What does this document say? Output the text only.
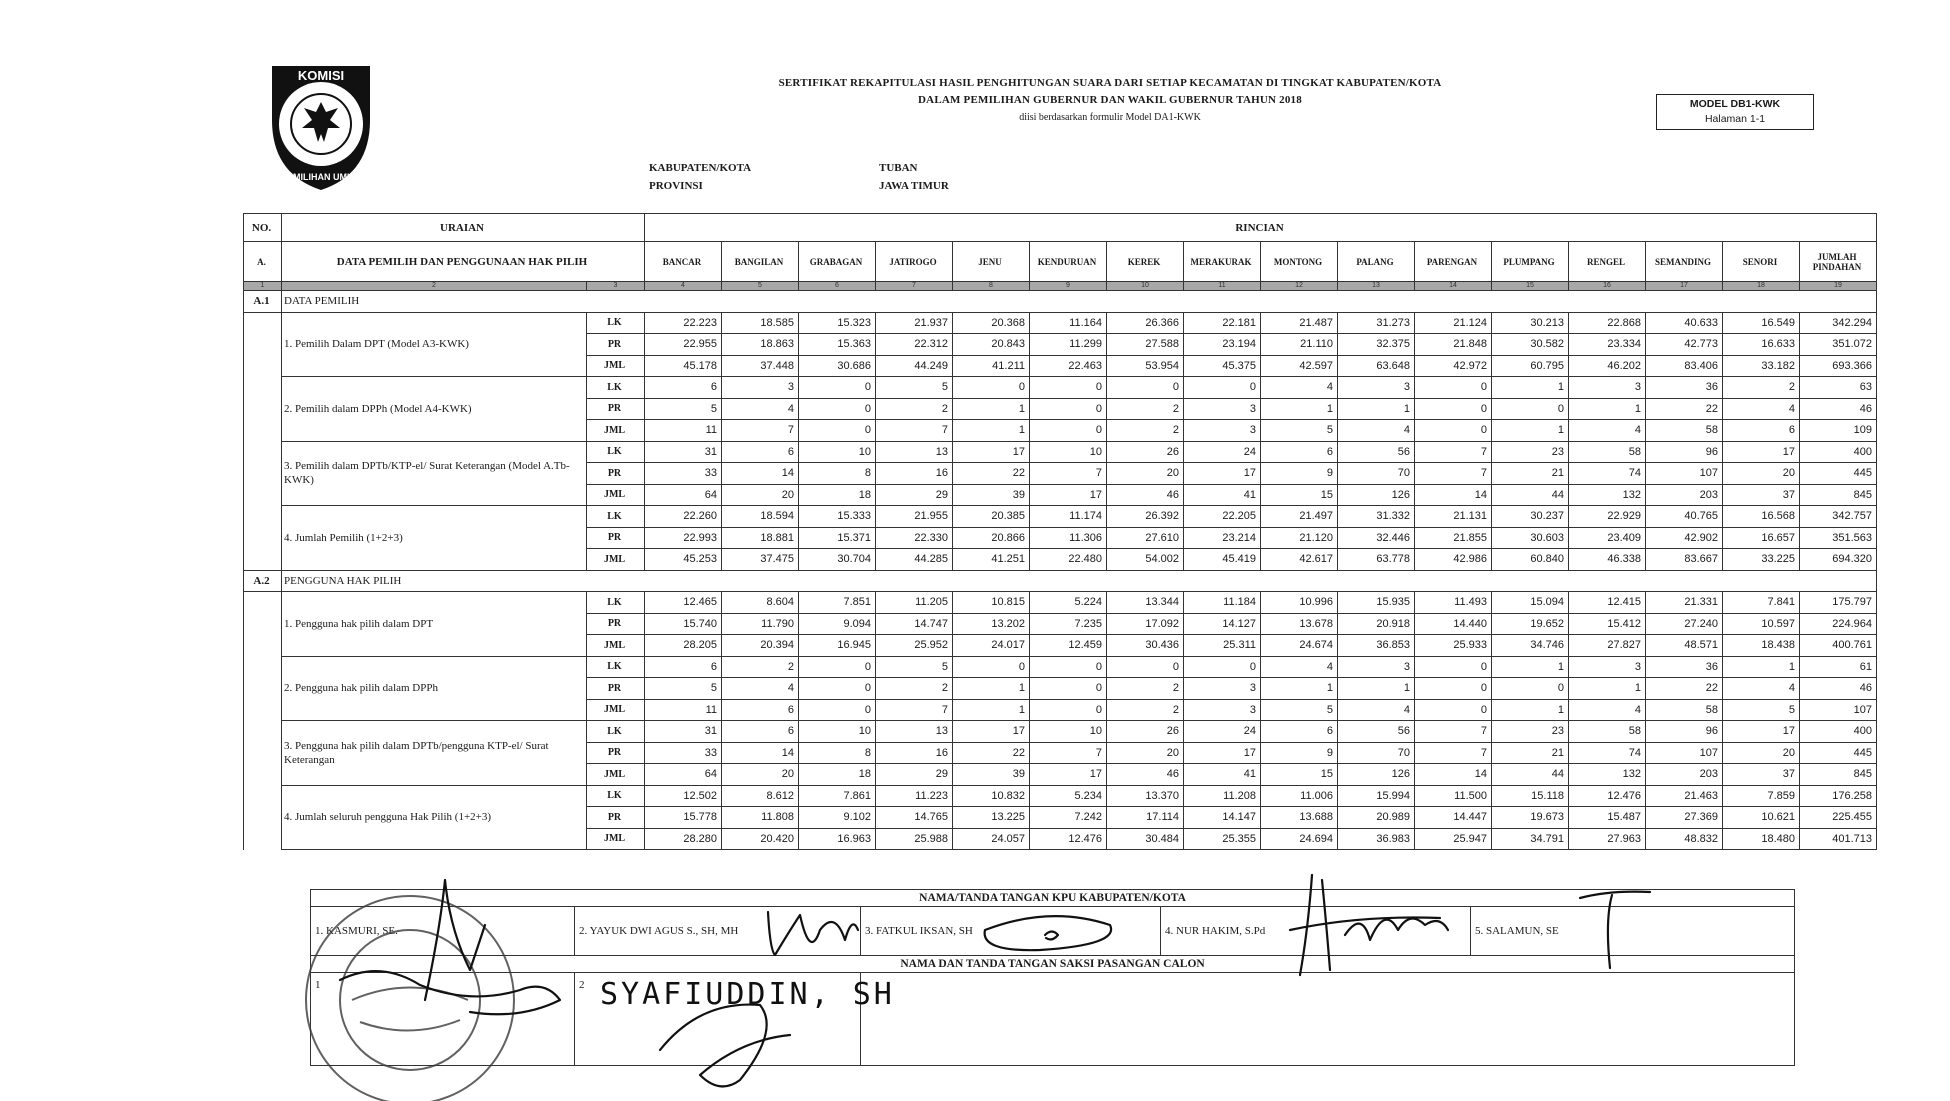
KOMISI
PEMILIHAN UMUM
SERTIFIKAT REKAPITULASI HASIL PENGHITUNGAN SUARA DARI SETIAP KECAMATAN DI TINGKAT KABUPATEN/KOTA
DALAM PEMILIHAN GUBERNUR DAN WAKIL GUBERNUR TAHUN 2018
diisi berdasarkan formulir Model DA1-KWK
MODEL DB1-KWK
Halaman 1-1
KABUPATEN/KOTA	TUBAN
PROVINSI	JAWA TIMUR
NO.	URAIAN		RINCIAN															
A.	DATA PEMILIH DAN PENGGUNAAN HAK PILIH		BANCAR	BANGILAN	GRABAGAN	JATIROGO	JENU	KENDURUAN	KEREK	MERAKURAK	MONTONG	PALANG	PARENGAN	PLUMPANG	RENGEL	SEMANDING	SENORI	JUMLAH PINDAHAN
1	2	3	4	5	6	7	8	9	10	11	12	13	14	15	16	17	18	19
A.1	DATA PEMILIH																	
	1. Pemilih Dalam DPT (Model A3-KWK)	LK	22.223	18.585	15.323	21.937	20.368	11.164	26.366	22.181	21.487	31.273	21.124	30.213	22.868	40.633	16.549	342.294
		PR	22.955	18.863	15.363	22.312	20.843	11.299	27.588	23.194	21.110	32.375	21.848	30.582	23.334	42.773	16.633	351.072
		JML	45.178	37.448	30.686	44.249	41.211	22.463	53.954	45.375	42.597	63.648	42.972	60.795	46.202	83.406	33.182	693.366
	2. Pemilih dalam DPPh (Model A4-KWK)	LK	6	3	0	5	0	0	0	0	4	3	0	1	3	36	2	63
		PR	5	4	0	2	1	0	2	3	1	1	0	0	1	22	4	46
		JML	11	7	0	7	1	0	2	3	5	4	0	1	4	58	6	109
	3. Pemilih dalam DPTb/KTP-el/ Surat Keterangan (Model A.Tb-KWK)	LK	31	6	10	13	17	10	26	24	6	56	7	23	58	96	17	400
		PR	33	14	8	16	22	7	20	17	9	70	7	21	74	107	20	445
		JML	64	20	18	29	39	17	46	41	15	126	14	44	132	203	37	845
	4. Jumlah Pemilih (1+2+3)	LK	22.260	18.594	15.333	21.955	20.385	11.174	26.392	22.205	21.497	31.332	21.131	30.237	22.929	40.765	16.568	342.757
		PR	22.993	18.881	15.371	22.330	20.866	11.306	27.610	23.214	21.120	32.446	21.855	30.603	23.409	42.902	16.657	351.563
		JML	45.253	37.475	30.704	44.285	41.251	22.480	54.002	45.419	42.617	63.778	42.986	60.840	46.338	83.667	33.225	694.320
A.2	PENGGUNA HAK PILIH																	
	1. Pengguna hak pilih dalam DPT	LK	12.465	8.604	7.851	11.205	10.815	5.224	13.344	11.184	10.996	15.935	11.493	15.094	12.415	21.331	7.841	175.797
		PR	15.740	11.790	9.094	14.747	13.202	7.235	17.092	14.127	13.678	20.918	14.440	19.652	15.412	27.240	10.597	224.964
		JML	28.205	20.394	16.945	25.952	24.017	12.459	30.436	25.311	24.674	36.853	25.933	34.746	27.827	48.571	18.438	400.761
	2. Pengguna hak pilih dalam DPPh	LK	6	2	0	5	0	0	0	0	4	3	0	1	3	36	1	61
		PR	5	4	0	2	1	0	2	3	1	1	0	0	1	22	4	46
		JML	11	6	0	7	1	0	2	3	5	4	0	1	4	58	5	107
	3. Pengguna hak pilih dalam DPTb/pengguna KTP-el/ Surat Keterangan	LK	31	6	10	13	17	10	26	24	6	56	7	23	58	96	17	400
		PR	33	14	8	16	22	7	20	17	9	70	7	21	74	107	20	445
		JML	64	20	18	29	39	17	46	41	15	126	14	44	132	203	37	845
	4. Jumlah seluruh pengguna Hak Pilih (1+2+3)	LK	12.502	8.612	7.861	11.223	10.832	5.234	13.370	11.208	11.006	15.994	11.500	15.118	12.476	21.463	7.859	176.258
		PR	15.778	11.808	9.102	14.765	13.225	7.242	17.114	14.147	13.688	20.989	14.447	19.673	15.487	27.369	10.621	225.455
		JML	28.280	20.420	16.963	25.988	24.057	12.476	30.484	25.355	24.694	36.983	25.947	34.791	27.963	48.832	18.480	401.713
NAMA/TANDA TANGAN KPU KABUPATEN/KOTA				
1. KASMURI, SE.	2. YAYUK DWI AGUS S., SH, MH	3. FATKUL IKSAN, SH	4. NUR HAKIM, S.Pd	5. SALAMUN, SE
NAMA DAN TANDA TANGAN SAKSI PASANGAN CALON				
1	2			SYAFIUDDIN, SH
